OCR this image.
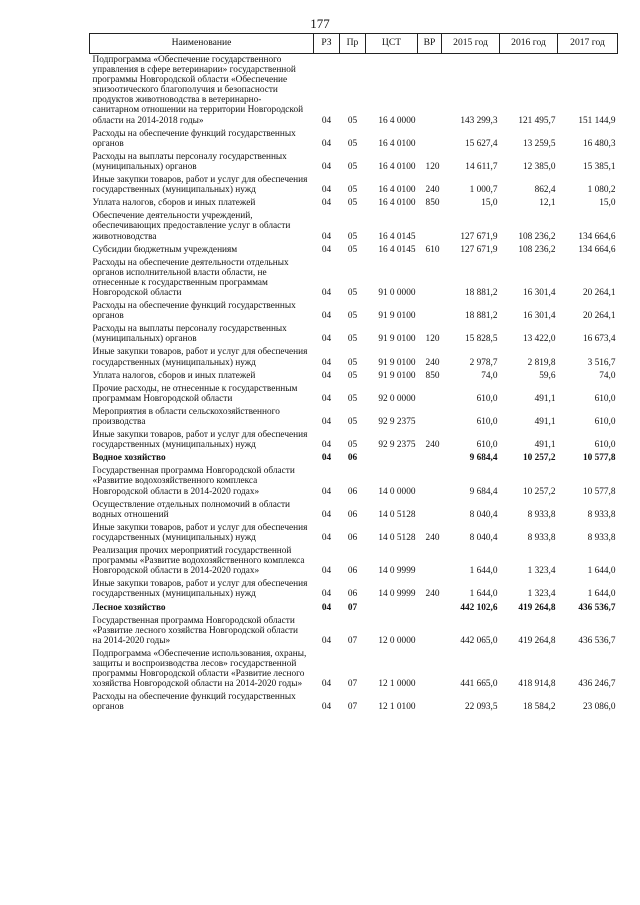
177
Наименование	РЗ	Пр	ЦСТ	ВР	2015 год	2016 год	2017 год
Подпрограмма «Обеспечение государственного управления в сфере ветеринарии» государственной программы Новгородской области «Обеспечение эпизоотического благополучия и безопасности продуктов животноводства в ветеринарно-санитарном отношении на территории Новгородской области на 2014-2018 годы»	04	05	16 4 0000		143 299,3	121 495,7	151 144,9
Расходы на обеспечение функций государственных органов	04	05	16 4 0100		15 627,4	13 259,5	16 480,3
Расходы на выплаты персоналу государственных (муниципальных) органов	04	05	16 4 0100	120	14 611,7	12 385,0	15 385,1
Иные закупки товаров, работ и услуг для обеспечения государственных (муниципальных) нужд	04	05	16 4 0100	240	1 000,7	862,4	1 080,2
Уплата налогов, сборов и иных платежей	04	05	16 4 0100	850	15,0	12,1	15,0
Обеспечение деятельности учреждений, обеспечивающих предоставление услуг в области животноводства	04	05	16 4 0145		127 671,9	108 236,2	134 664,6
Субсидии бюджетным учреждениям	04	05	16 4 0145	610	127 671,9	108 236,2	134 664,6
Расходы на обеспечение деятельности отдельных органов исполнительной власти области, не отнесенные к государственным программам Новгородской области	04	05	91 0 0000		18 881,2	16 301,4	20 264,1
Расходы на обеспечение функций государственных органов	04	05	91 9 0100		18 881,2	16 301,4	20 264,1
Расходы на выплаты персоналу государственных (муниципальных) органов	04	05	91 9 0100	120	15 828,5	13 422,0	16 673,4
Иные закупки товаров, работ и услуг для обеспечения государственных (муниципальных) нужд	04	05	91 9 0100	240	2 978,7	2 819,8	3 516,7
Уплата налогов, сборов и иных платежей	04	05	91 9 0100	850	74,0	59,6	74,0
Прочие расходы, не отнесенные к государственным программам Новгородской области	04	05	92 0 0000		610,0	491,1	610,0
Мероприятия в области сельскохозяйственного производства	04	05	92 9 2375		610,0	491,1	610,0
Иные закупки товаров, работ и услуг для обеспечения государственных (муниципальных) нужд	04	05	92 9 2375	240	610,0	491,1	610,0
Водное хозяйство	04	06			9 684,4	10 257,2	10 577,8
Государственная программа Новгородской области «Развитие водохозяйственного комплекса Новгородской области в 2014-2020 годах»	04	06	14 0 0000		9 684,4	10 257,2	10 577,8
Осуществление отдельных полномочий в области водных отношений	04	06	14 0 5128		8 040,4	8 933,8	8 933,8
Иные закупки товаров, работ и услуг для обеспечения государственных (муниципальных) нужд	04	06	14 0 5128	240	8 040,4	8 933,8	8 933,8
Реализация прочих мероприятий государственной программы «Развитие водохозяйственного комплекса Новгородской области в 2014-2020 годах»	04	06	14 0 9999		1 644,0	1 323,4	1 644,0
Иные закупки товаров, работ и услуг для обеспечения государственных (муниципальных) нужд	04	06	14 0 9999	240	1 644,0	1 323,4	1 644,0
Лесное хозяйство	04	07			442 102,6	419 264,8	436 536,7
Государственная программа Новгородской области «Развитие лесного хозяйства Новгородской области на 2014-2020 годы»	04	07	12 0 0000		442 065,0	419 264,8	436 536,7
Подпрограмма «Обеспечение использования, охраны, защиты и воспроизводства лесов» государственной программы Новгородской области «Развитие лесного хозяйства Новгородской области на 2014-2020 годы»	04	07	12 1 0000		441 665,0	418 914,8	436 246,7
Расходы на обеспечение функций государственных органов	04	07	12 1 0100		22 093,5	18 584,2	23 086,0
